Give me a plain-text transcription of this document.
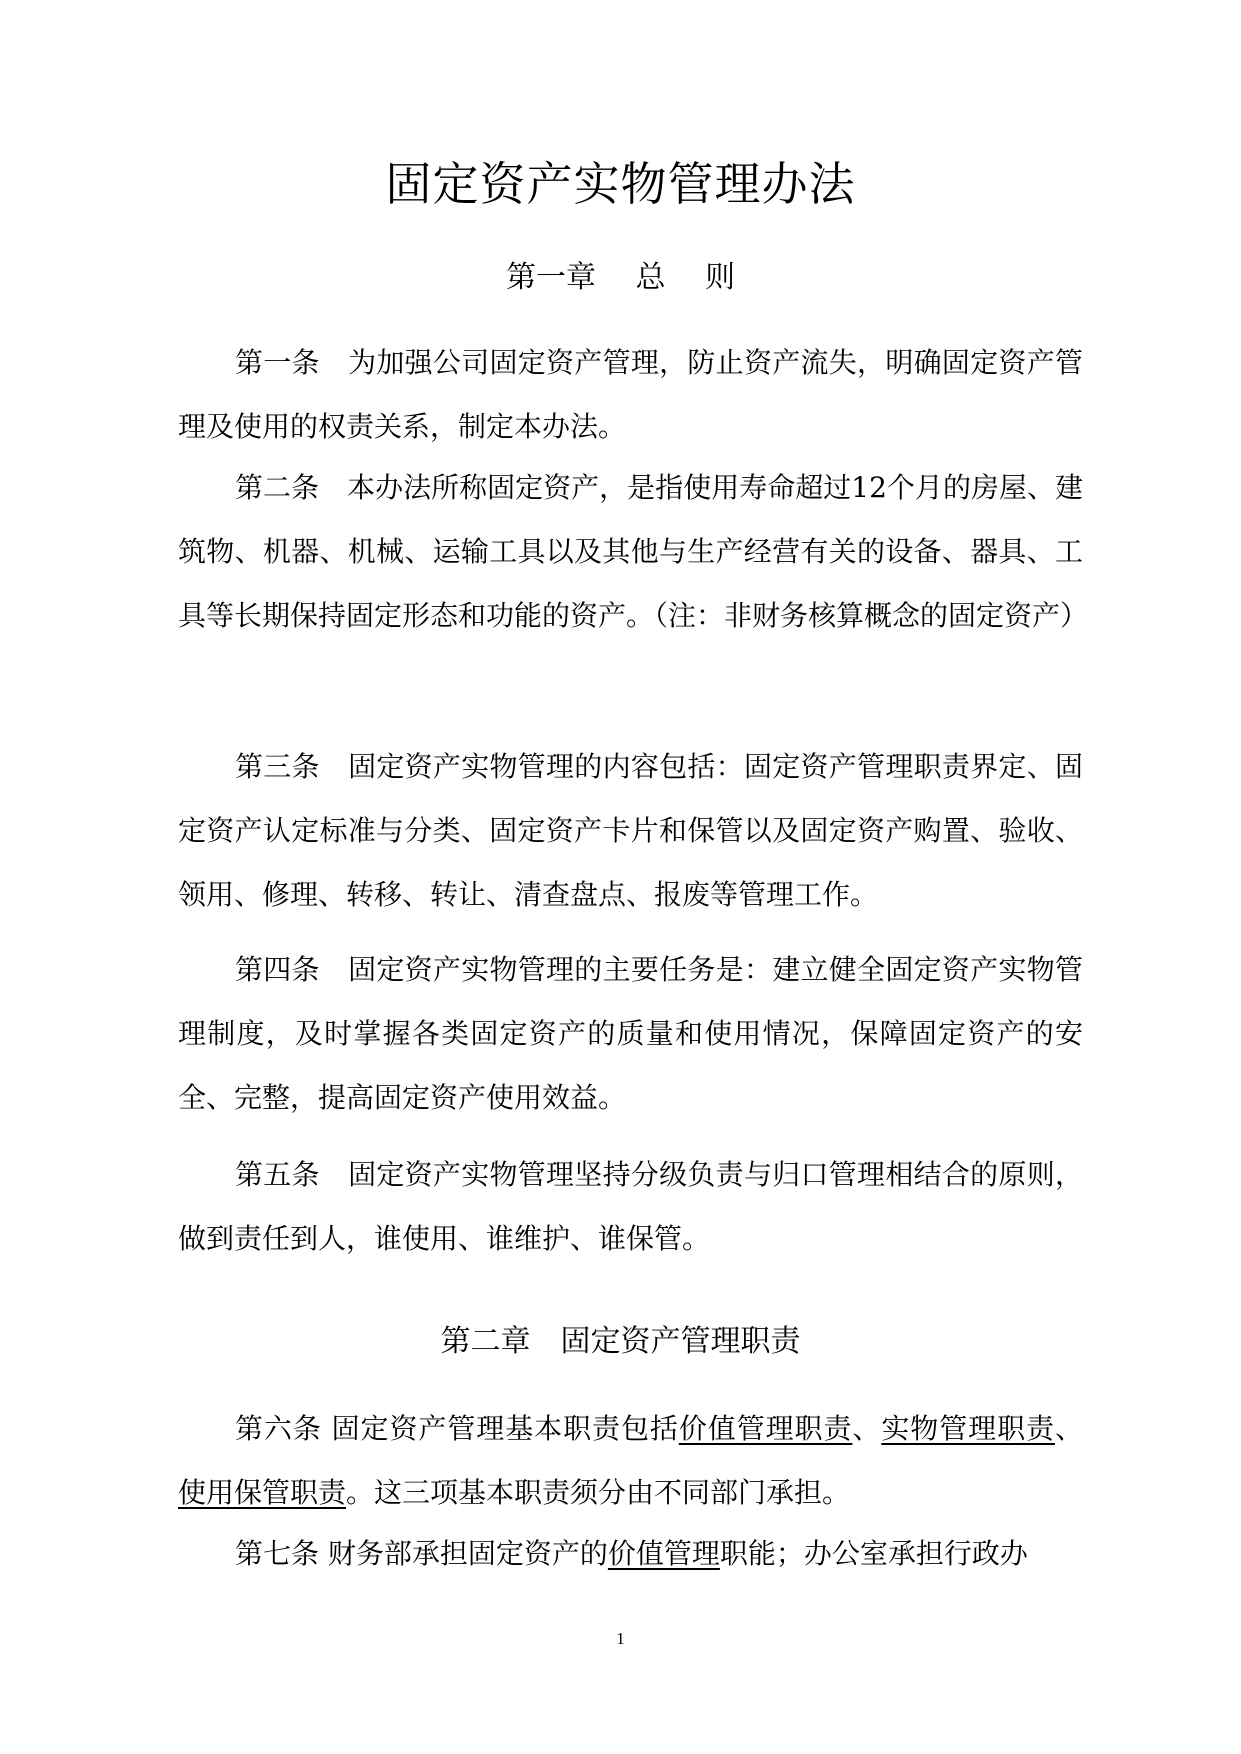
固定资产实物管理办法
第一章　 总　 则
第一条　为加强公司固定资产管理，防止资产流失，明确固定资产管理及使用的权责关系，制定本办法。
第二条　本办法所称固定资产，是指使用寿命超过12个月的房屋、建筑物、机器、机械、运输工具以及其他与生产经营有关的设备、器具、工具等长期保持固定形态和功能的资产。（注：非财务核算概念的固定资产）
第三条　固定资产实物管理的内容包括：固定资产管理职责界定、固定资产认定标准与分类、固定资产卡片和保管以及固定资产购置、验收、领用、修理、转移、转让、清查盘点、报废等管理工作。
第四条　固定资产实物管理的主要任务是：建立健全固定资产实物管理制度，及时掌握各类固定资产的质量和使用情况，保障固定资产的安全、完整，提高固定资产使用效益。
第五条　固定资产实物管理坚持分级负责与归口管理相结合的原则，做到责任到人，谁使用、谁维护、谁保管。
第二章　固定资产管理职责
第六条 固定资产管理基本职责包括价值管理职责、实物管理职责、使用保管职责。这三项基本职责须分由不同部门承担。
第七条 财务部承担固定资产的价值管理职能；办公室承担行政办
1
